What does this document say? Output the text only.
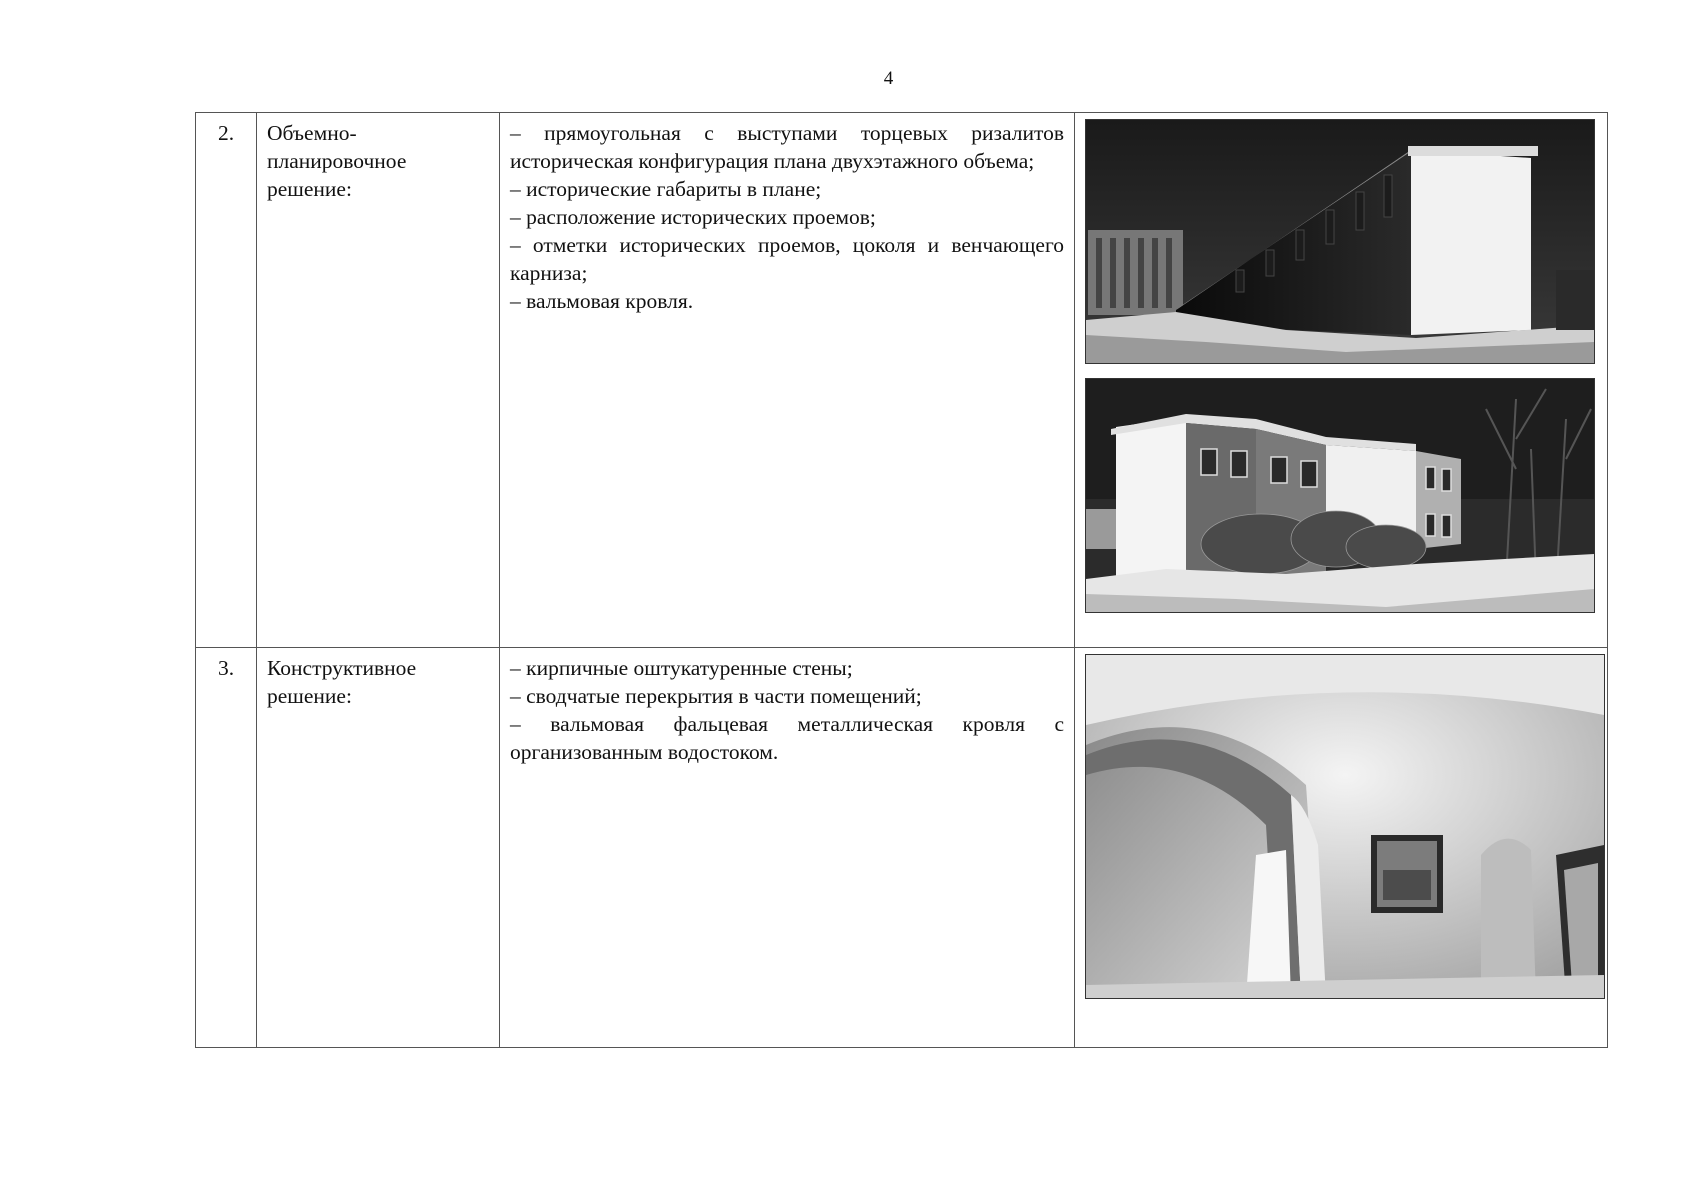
4
2.	Объемно-планировочное решение:	– прямоугольная с выступами торцевых ризалитов историческая конфигурация плана двухэтажного объема;
– исторические габариты в плане;
– расположение исторических проемов;
– отметки исторических проемов, цоколя и венчающего карниза;
– вальмовая кровля.

3.	Конструктивное решение:	– кирпичные оштукатуренные стены;
– сводчатые перекрытия в части помещений;
– вальмовая фальцевая металлическая кровля с организованным водостоком.
